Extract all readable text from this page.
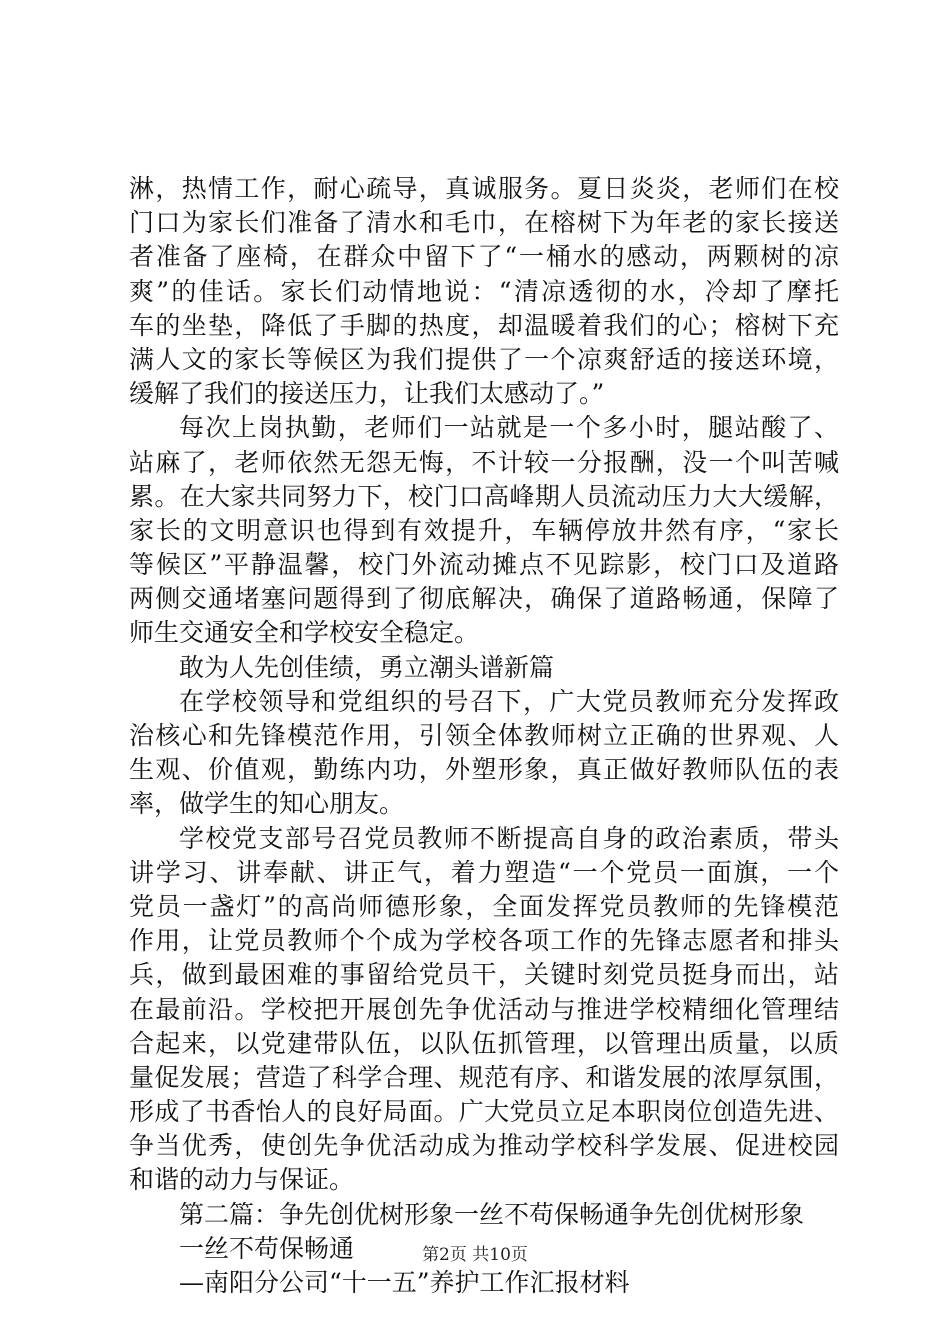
淋，热情工作，耐心疏导，真诚服务。夏日炎炎，老师们在校
门口为家长们准备了清水和毛巾，在榕树下为年老的家长接送
者准备了座椅，在群众中留下了“一桶水的感动，两颗树的凉
爽”的佳话。家长们动情地说：“清凉透彻的水，冷却了摩托
车的坐垫，降低了手脚的热度，却温暖着我们的心；榕树下充
满人文的家长等候区为我们提供了一个凉爽舒适的接送环境，
缓解了我们的接送压力，让我们太感动了。”
每次上岗执勤，老师们一站就是一个多小时，腿站酸了、
站麻了，老师依然无怨无悔，不计较一分报酬，没一个叫苦喊
累。在大家共同努力下，校门口高峰期人员流动压力大大缓解，
家长的文明意识也得到有效提升，车辆停放井然有序，“家长
等候区”平静温馨，校门外流动摊点不见踪影，校门口及道路
两侧交通堵塞问题得到了彻底解决，确保了道路畅通，保障了
师生交通安全和学校安全稳定。
敢为人先创佳绩，勇立潮头谱新篇
在学校领导和党组织的号召下，广大党员教师充分发挥政
治核心和先锋模范作用，引领全体教师树立正确的世界观、人
生观、价值观，勤练内功，外塑形象，真正做好教师队伍的表
率，做学生的知心朋友。
学校党支部号召党员教师不断提高自身的政治素质，带头
讲学习、讲奉献、讲正气，着力塑造“一个党员一面旗，一个
党员一盏灯”的高尚师德形象，全面发挥党员教师的先锋模范
作用，让党员教师个个成为学校各项工作的先锋志愿者和排头
兵，做到最困难的事留给党员干，关键时刻党员挺身而出，站
在最前沿。学校把开展创先争优活动与推进学校精细化管理结
合起来，以党建带队伍，以队伍抓管理，以管理出质量，以质
量促发展；营造了科学合理、规范有序、和谐发展的浓厚氛围，
形成了书香怡人的良好局面。广大党员立足本职岗位创造先进、
争当优秀，使创先争优活动成为推动学校科学发展、促进校园
和谐的动力与保证。
第二篇：争先创优树形象一丝不苟保畅通争先创优树形象
一丝不苟保畅通
—南阳分公司“十一五”养护工作汇报材料
第2页 共10页
